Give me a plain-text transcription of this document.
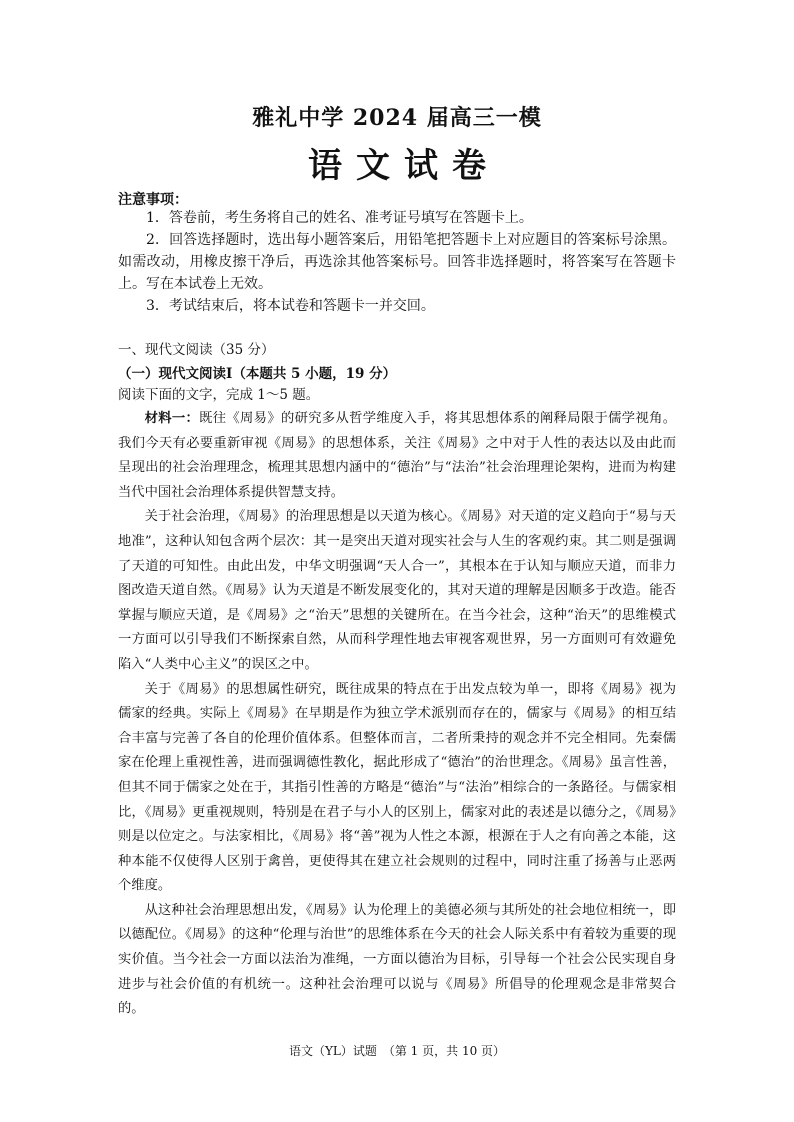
雅礼中学 2024 届高三一模
语文试卷
注意事项：

1．答卷前，考生务将自己的姓名、准考证号填写在答题卡上。

2．回答选择题时，选出每小题答案后，用铅笔把答题卡上对应题目的答案标号涂黑。如需改动，用橡皮擦干净后，再选涂其他答案标号。回答非选择题时，将答案写在答题卡上。写在本试卷上无效。

3．考试结束后，将本试卷和答题卡一并交回。

一、现代文阅读（35 分）
（一）现代文阅读Ⅰ（本题共 5 小题，19 分）
阅读下面的文字，完成 1～5 题。

材料一：既往《周易》的研究多从哲学维度入手，将其思想体系的阐释局限于儒学视角。我们今天有必要重新审视《周易》的思想体系，关注《周易》之中对于人性的表达以及由此而呈现出的社会治理理念，梳理其思想内涵中的“德治”与“法治”社会治理理论架构，进而为构建当代中国社会治理体系提供智慧支持。

关于社会治理，《周易》的治理思想是以天道为核心。《周易》对天道的定义趋向于“易与天地准”，这种认知包含两个层次：其一是突出天道对现实社会与人生的客观约束。其二则是强调了天道的可知性。由此出发，中华文明强调“天人合一”，其根本在于认知与顺应天道，而非力图改造天道自然。《周易》认为天道是不断发展变化的，其对天道的理解是因顺多于改造。能否掌握与顺应天道，是《周易》之“治天”思想的关键所在。在当今社会，这种“治天”的思维模式一方面可以引导我们不断探索自然，从而科学理性地去审视客观世界，另一方面则可有效避免陷入“人类中心主义”的误区之中。

关于《周易》的思想属性研究，既往成果的特点在于出发点较为单一，即将《周易》视为儒家的经典。实际上《周易》在早期是作为独立学术派别而存在的，儒家与《周易》的相互结合丰富与完善了各自的伦理价值体系。但整体而言，二者所秉持的观念并不完全相同。先秦儒家在伦理上重视性善，进而强调德性教化，据此形成了“德治”的治世理念。《周易》虽言性善，但其不同于儒家之处在于，其指引性善的方略是“德治”与“法治”相综合的一条路径。与儒家相比，《周易》更重视规则，特别是在君子与小人的区别上，儒家对此的表述是以德分之，《周易》则是以位定之。与法家相比，《周易》将“善”视为人性之本源，根源在于人之有向善之本能，这种本能不仅使得人区别于禽兽，更使得其在建立社会规则的过程中，同时注重了扬善与止恶两个维度。

从这种社会治理思想出发，《周易》认为伦理上的美德必须与其所处的社会地位相统一，即以德配位。《周易》的这种“伦理与治世”的思维体系在今天的社会人际关系中有着较为重要的现实价值。当今社会一方面以法治为准绳，一方面以德治为目标，引导每一个社会公民实现自身进步与社会价值的有机统一。这种社会治理可以说与《周易》所倡导的伦理观念是非常契合的。

语文（YL）试题　（第 1 页，共 10 页）
